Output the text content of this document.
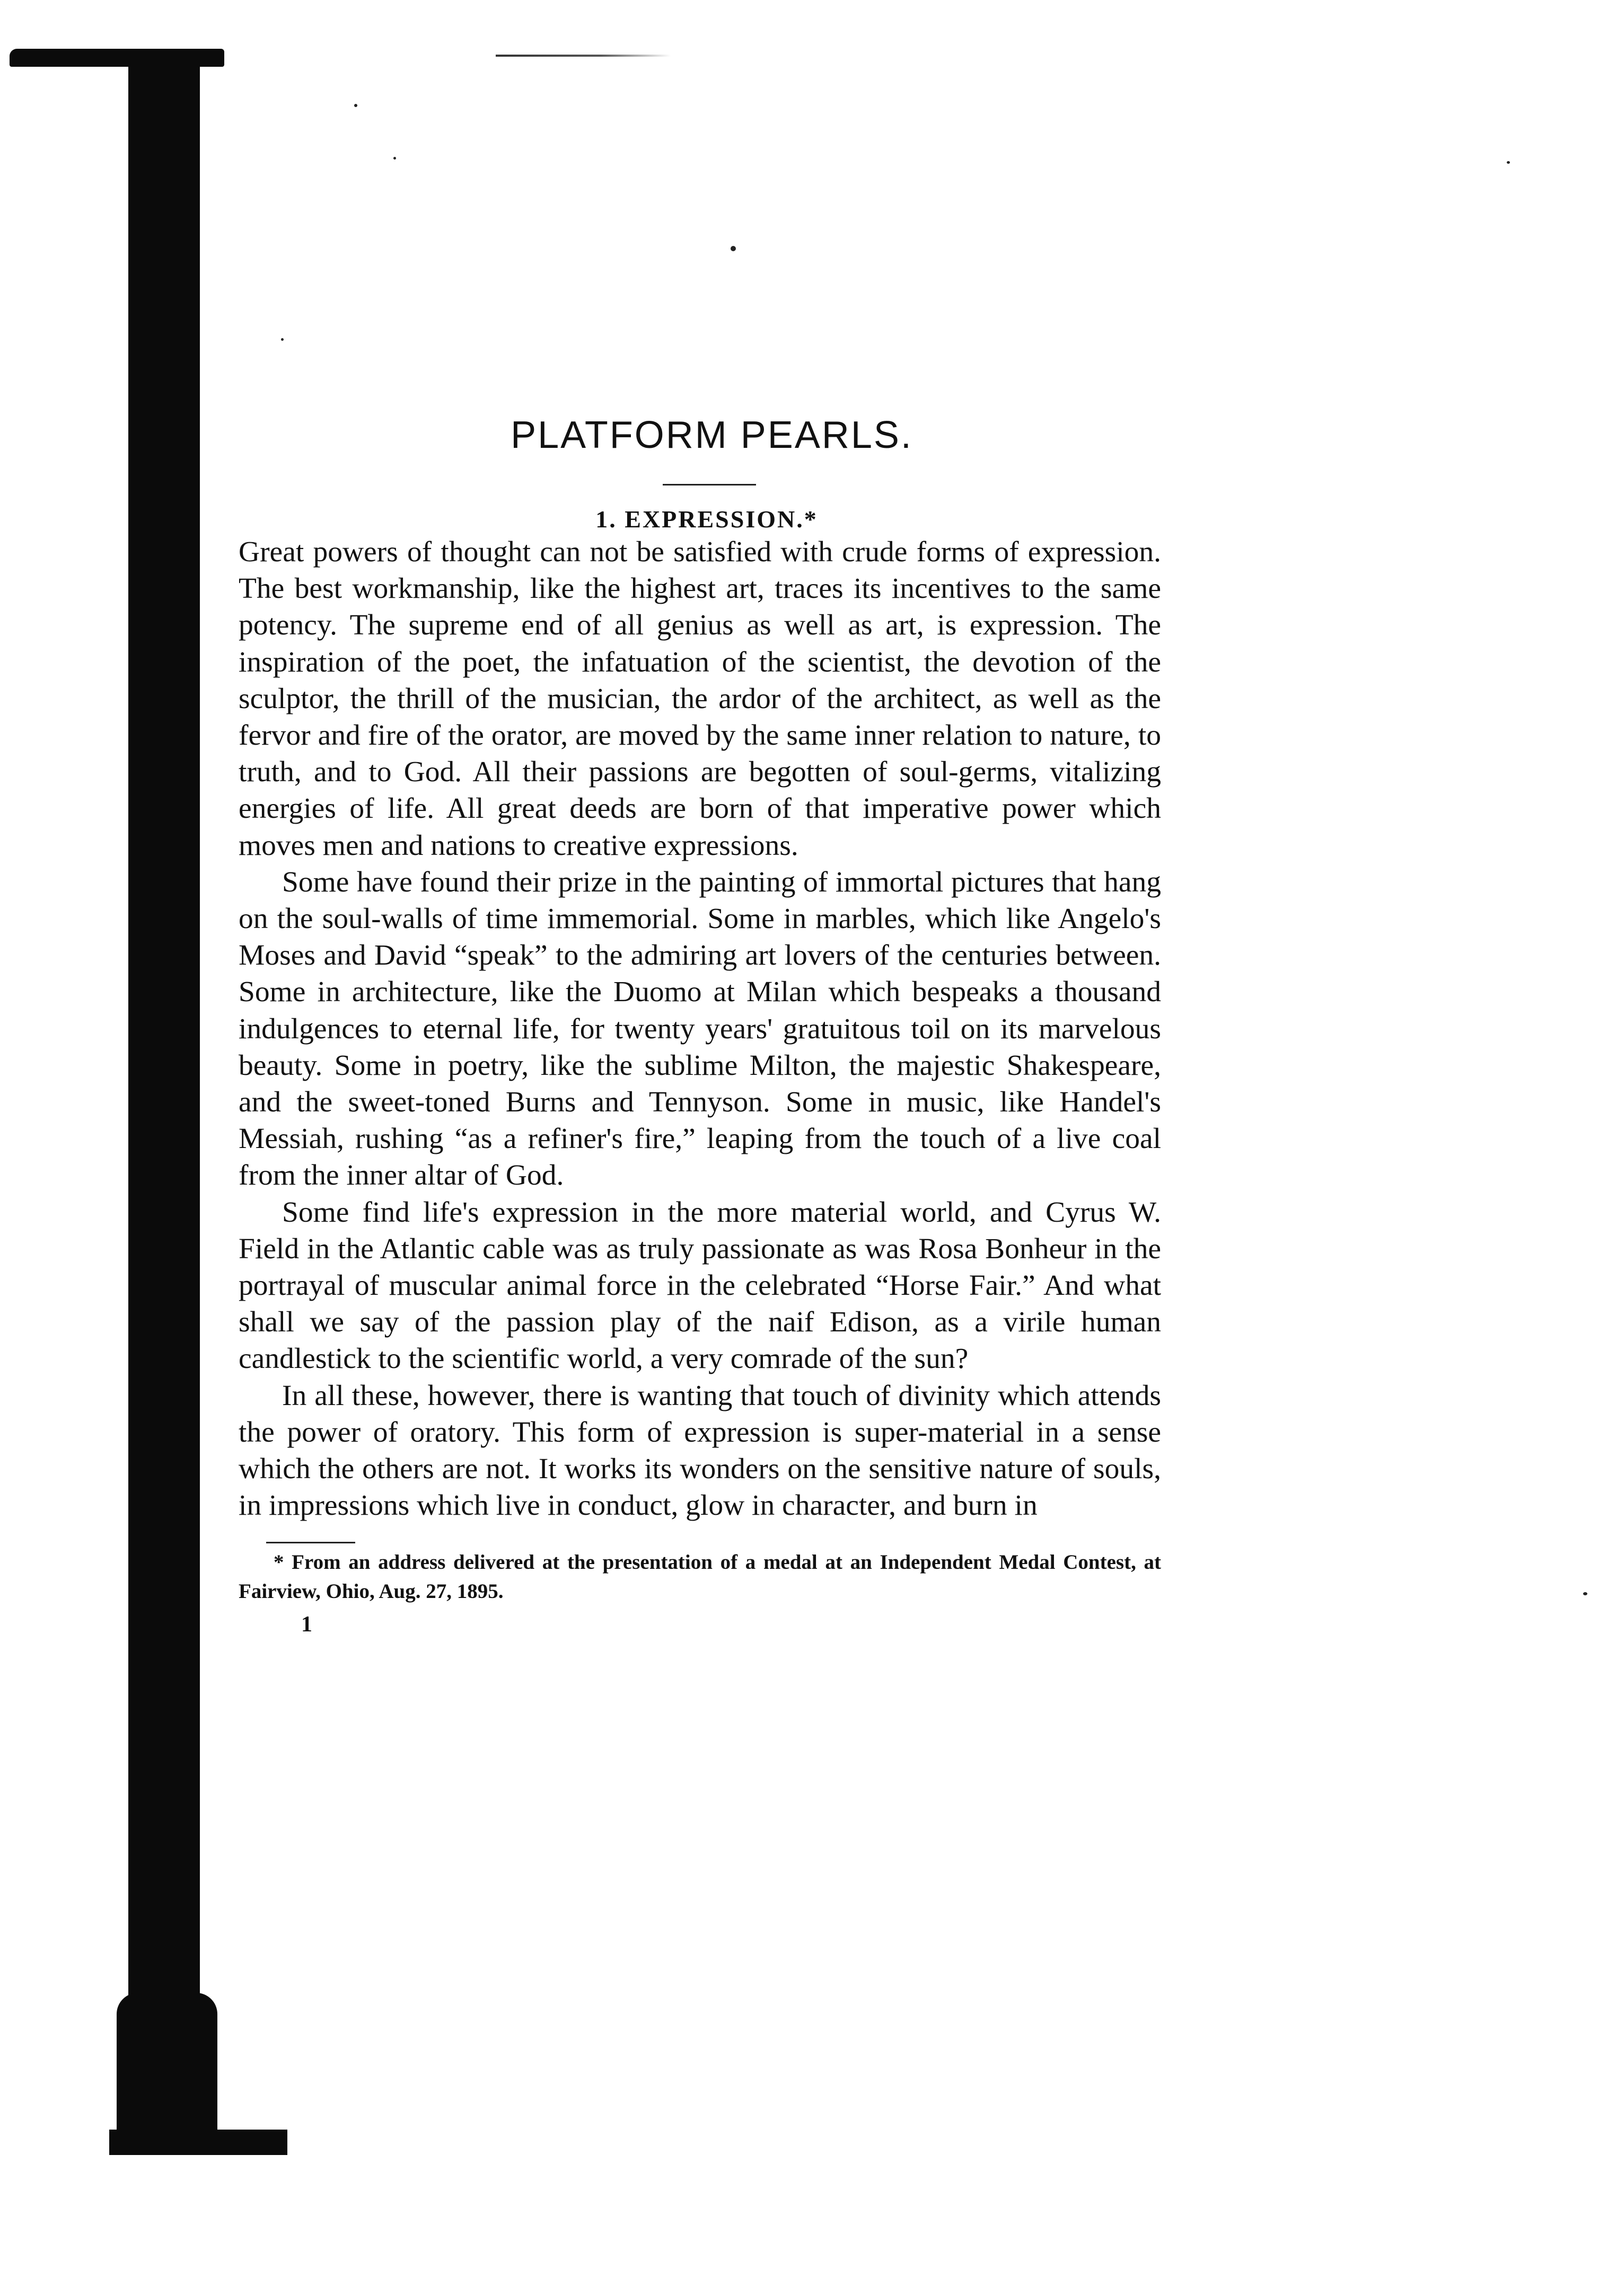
PLATFORM PEARLS.
1. EXPRESSION.*

Great powers of thought can not be satisfied with crude forms of expression. The best workmanship, like the highest art, traces its incentives to the same potency. The supreme end of all genius as well as art, is expression. The inspiration of the poet, the infatuation of the scientist, the devotion of the sculptor, the thrill of the musician, the ardor of the architect, as well as the fervor and fire of the orator, are moved by the same inner relation to nature, to truth, and to God. All their passions are begotten of soul-germs, vitalizing energies of life. All great deeds are born of that imperative power which moves men and nations to creative expressions.

Some have found their prize in the painting of immortal pictures that hang on the soul-walls of time immemorial. Some in marbles, which like Angelo's Moses and David “speak” to the admiring art lovers of the centuries between. Some in architecture, like the Duomo at Milan which bespeaks a thousand indulgences to eternal life, for twenty years' gratuitous toil on its marvelous beauty. Some in poetry, like the sublime Milton, the majestic Shakespeare, and the sweet-toned Burns and Tennyson. Some in music, like Handel's Messiah, rushing “as a refiner's fire,” leaping from the touch of a live coal from the inner altar of God.

Some find life's expression in the more material world, and Cyrus W. Field in the Atlantic cable was as truly passionate as was Rosa Bonheur in the portrayal of muscular animal force in the celebrated “Horse Fair.” And what shall we say of the passion play of the naif Edison, as a virile human candlestick to the scientific world, a very comrade of the sun?

In all these, however, there is wanting that touch of divinity which attends the power of oratory. This form of expression is super-material in a sense which the others are not. It works its wonders on the sensitive nature of souls, in impressions which live in conduct, glow in character, and burn in

* From an address delivered at the presentation of a medal at an Independent Medal Contest, at Fairview, Ohio, Aug. 27, 1895.

1
